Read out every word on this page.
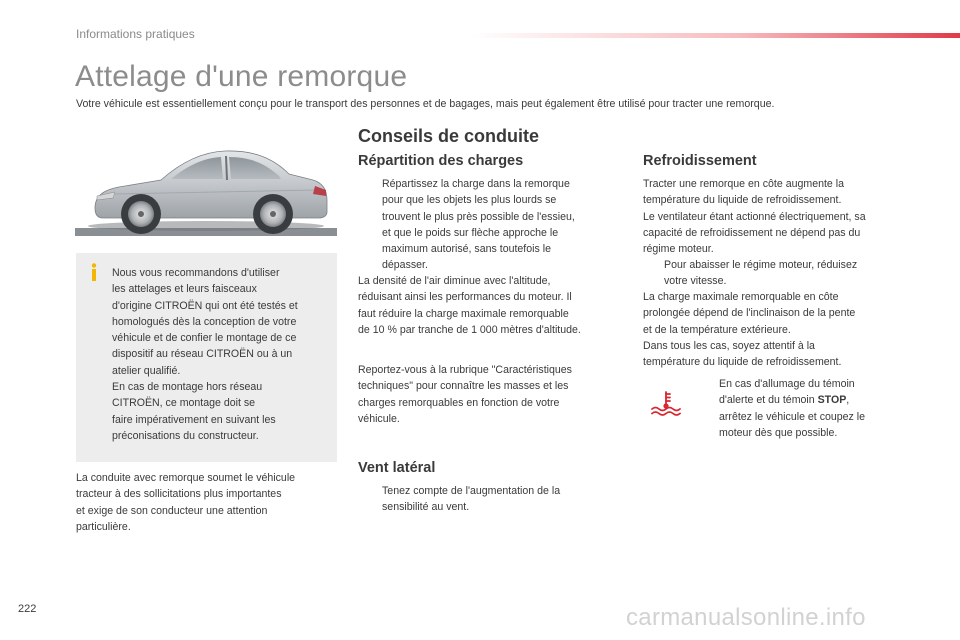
Informations pratiques
Attelage d'une remorque

Votre véhicule est essentiellement conçu pour le transport des personnes et de bagages, mais peut également être utilisé pour tracter une remorque.

Nous vous recommandons d'utiliser
les attelages et leurs faisceaux
d'origine CITROËN qui ont été testés et
homologués dès la conception de votre
véhicule et de confier le montage de ce
dispositif au réseau CITROËN ou à un
atelier qualifié.
En cas de montage hors réseau
CITROËN, ce montage doit se
faire impérativement en suivant les
préconisations du constructeur.
La conduite avec remorque soumet le véhicule
tracteur à des sollicitations plus importantes
et exige de son conducteur une attention
particulière.
Conseils de conduite
Répartition des charges
Répartissez la charge dans la remorque
pour que les objets les plus lourds se
trouvent le plus près possible de l'essieu,
et que le poids sur flèche approche le
maximum autorisé, sans toutefois le
dépasser.
La densité de l'air diminue avec l'altitude,
réduisant ainsi les performances du moteur. Il
faut réduire la charge maximale remorquable
de 10 % par tranche de 1 000 mètres d'altitude.
Reportez-vous à la rubrique "Caractéristiques
techniques" pour connaître les masses et les
charges remorquables en fonction de votre
véhicule.
Vent latéral
Tenez compte de l'augmentation de la
sensibilité au vent.
Refroidissement
Tracter une remorque en côte augmente la
température du liquide de refroidissement.
Le ventilateur étant actionné électriquement, sa
capacité de refroidissement ne dépend pas du
régime moteur.
Pour abaisser le régime moteur, réduisez
votre vitesse.
La charge maximale remorquable en côte
prolongée dépend de l'inclinaison de la pente
et de la température extérieure.
Dans tous les cas, soyez attentif à la
température du liquide de refroidissement.
En cas d'allumage du témoin
d'alerte et du témoin STOP,
arrêtez le véhicule et coupez le
moteur dès que possible.
222	carmanualsonline.info
